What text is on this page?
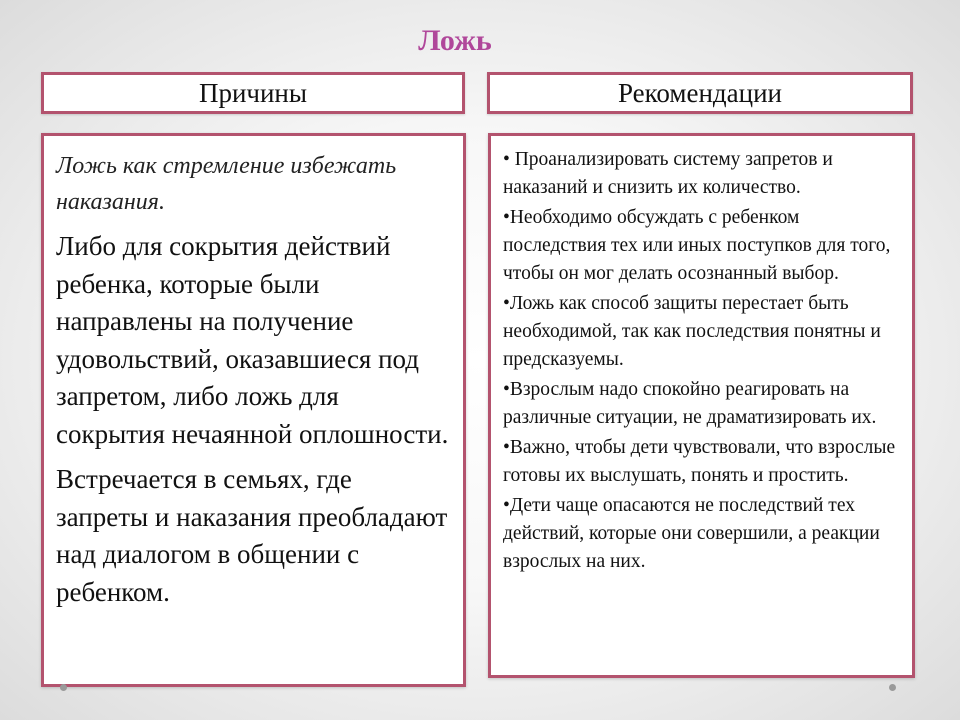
Ложь
Причины	Рекомендации

Ложь как стремление избежать наказания.

Либо для сокрытия действий ребенка, которые были направлены на получение удовольствий, оказавшиеся под запретом, либо ложь для сокрытия нечаянной оплошности.

Встречается в семьях, где запреты и наказания преобладают над диалогом в общении с ребенком.

• Проанализировать систему запретов и наказаний и снизить их количество.

•Необходимо обсуждать с ребенком последствия тех или иных поступков для того, чтобы он мог делать осознанный выбор.

•Ложь как способ защиты перестает быть необходимой, так как последствия понятны и предсказуемы.

•Взрослым надо спокойно реагировать на различные ситуации, не драматизировать их.

•Важно, чтобы дети чувствовали, что взрослые готовы их выслушать, понять и простить.

•Дети чаще опасаются не последствий тех действий, которые они совершили, а реакции взрослых на них.
